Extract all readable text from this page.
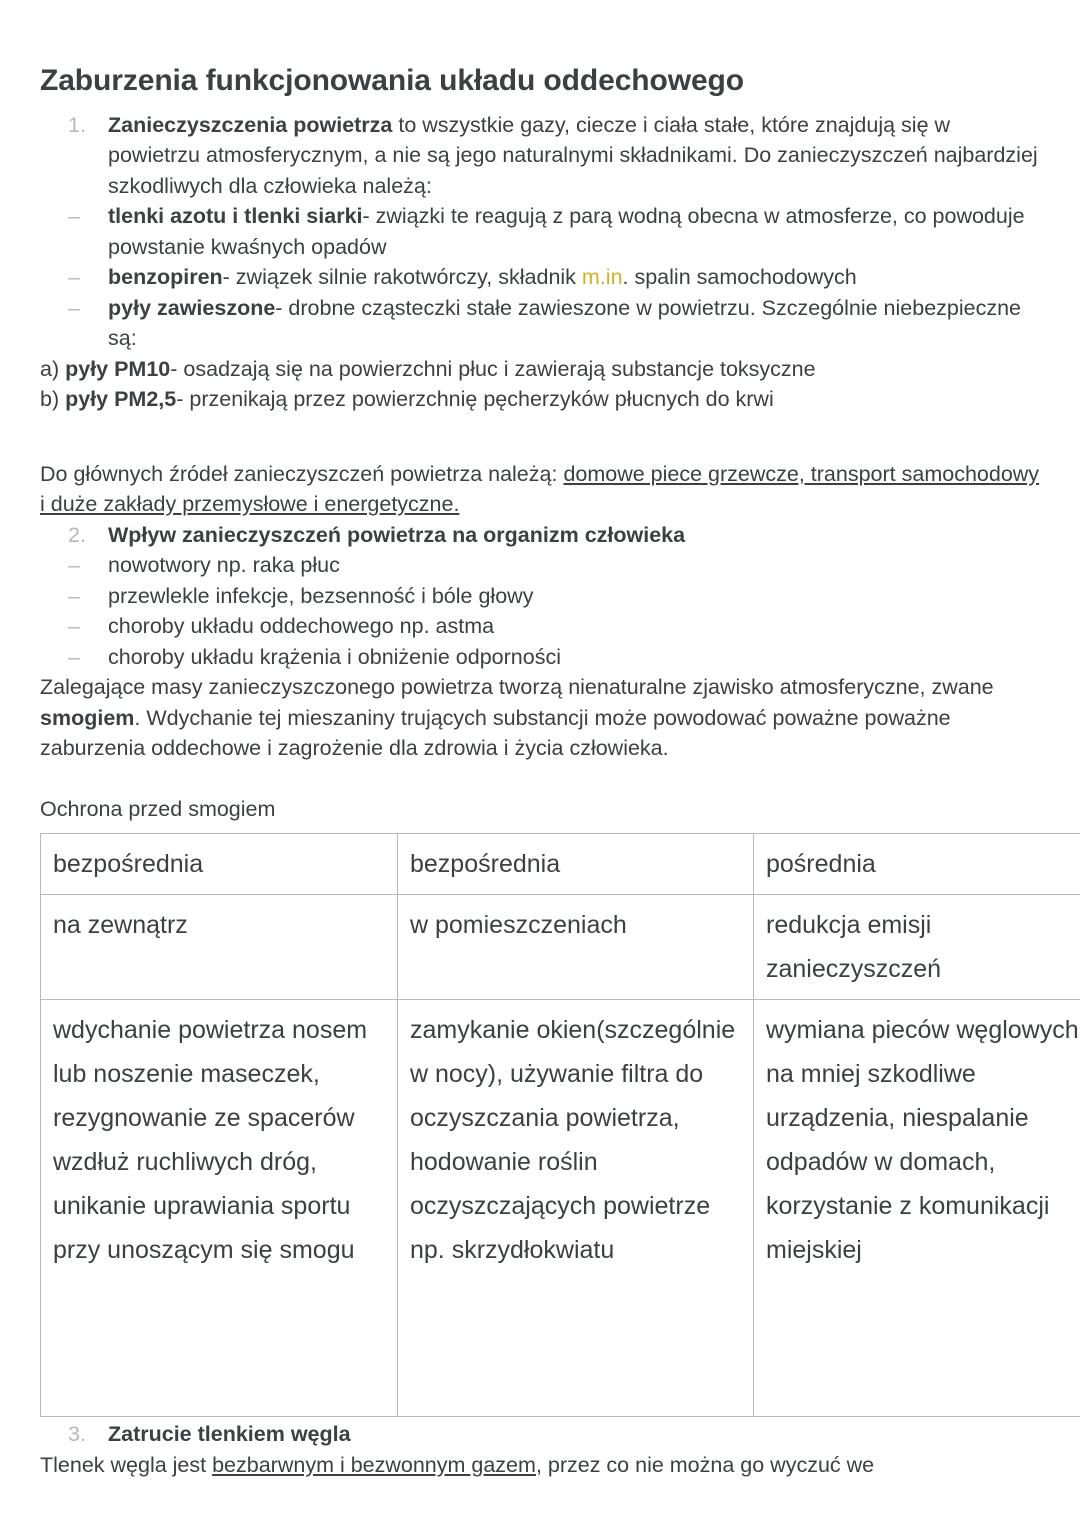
Zaburzenia funkcjonowania układu oddechowego
1. Zanieczyszczenia powietrza to wszystkie gazy, ciecze i ciała stałe, które znajdują się w powietrzu atmosferycznym, a nie są jego naturalnymi składnikami. Do zanieczyszczeń najbardziej szkodliwych dla człowieka należą:
– tlenki azotu i tlenki siarki- związki te reagują z parą wodną obecna w atmosferze, co powoduje powstanie kwaśnych opadów
– benzopiren- związek silnie rakotwórczy, składnik m.in. spalin samochodowych
– pyły zawieszone- drobne cząsteczki stałe zawieszone w powietrzu. Szczególnie niebezpieczne są:
a) pyły PM10- osadzają się na powierzchni płuc i zawierają substancje toksyczne
b) pyły PM2,5- przenikają przez powierzchnię pęcherzyków płucnych do krwi
Do głównych źródeł zanieczyszczeń powietrza należą: domowe piece grzewcze, transport samochodowy i duże zakłady przemysłowe i energetyczne.
2. Wpływ zanieczyszczeń powietrza na organizm człowieka
– nowotwory np. raka płuc
– przewlekle infekcje, bezsenność i bóle głowy
– choroby układu oddechowego np. astma
– choroby układu krążenia i obniżenie odporności
Zalegające masy zanieczyszczonego powietrza tworzą nienaturalne zjawisko atmosferyczne, zwane smogiem. Wdychanie tej mieszaniny trujących substancji może powodować poważne poważne zaburzenia oddechowe i zagrożenie dla zdrowia i życia człowieka.
Ochrona przed smogiem
bezpośrednia	bezpośrednia	pośrednia
na zewnątrz	w pomieszczeniach	redukcja emisji zanieczyszczeń
wdychanie powietrza nosem lub noszenie maseczek, rezygnowanie ze spacerów wzdłuż ruchliwych dróg, unikanie uprawiania sportu przy unoszącym się smogu	zamykanie okien(szczególnie w nocy), używanie filtra do oczyszczania powietrza, hodowanie roślin oczyszczających powietrze np. skrzydłokwiatu	wymiana pieców węglowych na mniej szkodliwe urządzenia, niespalanie odpadów w domach, korzystanie z komunikacji miejskiej
3. Zatrucie tlenkiem węgla
Tlenek węgla jest bezbarwnym i bezwonnym gazem, przez co nie można go wyczuć we
